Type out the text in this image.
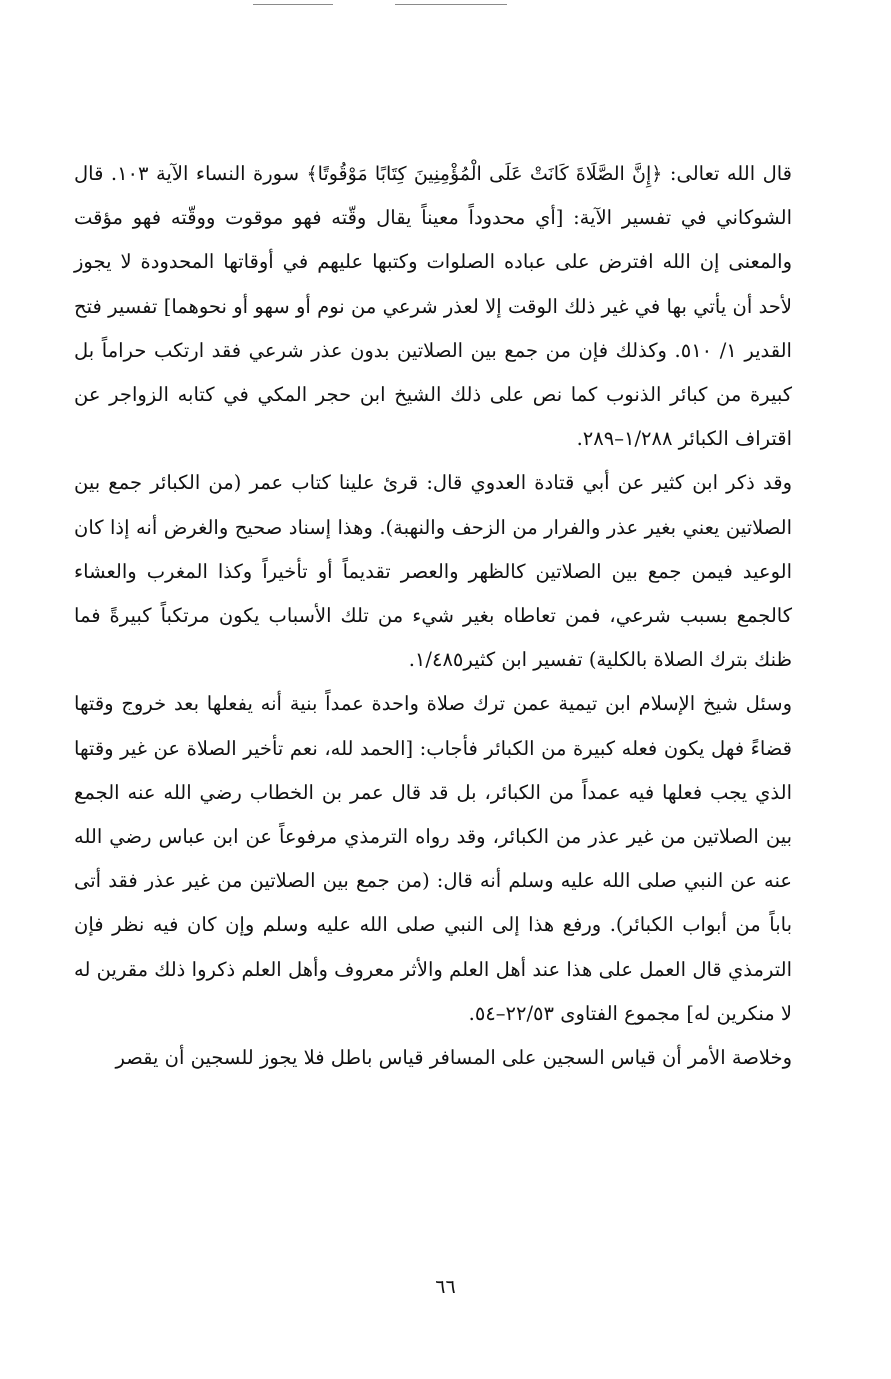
قال الله تعالى: ﴿إِنَّ الصَّلَاةَ كَانَتْ عَلَى الْمُؤْمِنِينَ كِتَابًا مَوْقُوتًا﴾ سورة النساء الآية ١٠٣. قال الشوكاني في تفسير الآية: [أي محدوداً معيناً يقال وقّته فهو موقوت ووقّته فهو مؤقت والمعنى إن الله افترض على عباده الصلوات وكتبها عليهم في أوقاتها المحدودة لا يجوز لأحد أن يأتي بها في غير ذلك الوقت إلا لعذر شرعي من نوم أو سهو أو نحوهما] تفسير فتح القدير ١/ ٥١٠. وكذلك فإن من جمع بين الصلاتين بدون عذر شرعي فقد ارتكب حراماً بل كبيرة من كبائر الذنوب كما نص على ذلك الشيخ ابن حجر المكي في كتابه الزواجر عن اقتراف الكبائر ١/٢٨٨–٢٨٩.

وقد ذكر ابن كثير عن أبي قتادة العدوي قال: قرئ علينا كتاب عمر (من الكبائر جمع بين الصلاتين يعني بغير عذر والفرار من الزحف والنهبة). وهذا إسناد صحيح والغرض أنه إذا كان الوعيد فيمن جمع بين الصلاتين كالظهر والعصر تقديماً أو تأخيراً وكذا المغرب والعشاء كالجمع بسبب شرعي، فمن تعاطاه بغير شيء من تلك الأسباب يكون مرتكباً كبيرةً فما ظنك بترك الصلاة بالكلية) تفسير ابن كثير١/٤٨٥.

وسئل شيخ الإسلام ابن تيمية عمن ترك صلاة واحدة عمداً بنية أنه يفعلها بعد خروج وقتها قضاءً فهل يكون فعله كبيرة من الكبائر فأجاب: [الحمد لله، نعم تأخير الصلاة عن غير وقتها الذي يجب فعلها فيه عمداً من الكبائر، بل قد قال عمر بن الخطاب رضي الله عنه الجمع بين الصلاتين من غير عذر من الكبائر، وقد رواه الترمذي مرفوعاً عن ابن عباس رضي الله عنه عن النبي صلى الله عليه وسلم أنه قال: (من جمع بين الصلاتين من غير عذر فقد أتى باباً من أبواب الكبائر). ورفع هذا إلى النبي صلى الله عليه وسلم وإن كان فيه نظر فإن الترمذي قال العمل على هذا عند أهل العلم والأثر معروف وأهل العلم ذكروا ذلك مقرين له لا منكرين له] مجموع الفتاوى ٢٢/٥٣–٥٤.

وخلاصة الأمر أن قياس السجين على المسافر قياس باطل فلا يجوز للسجين أن يقصر

٦٦
